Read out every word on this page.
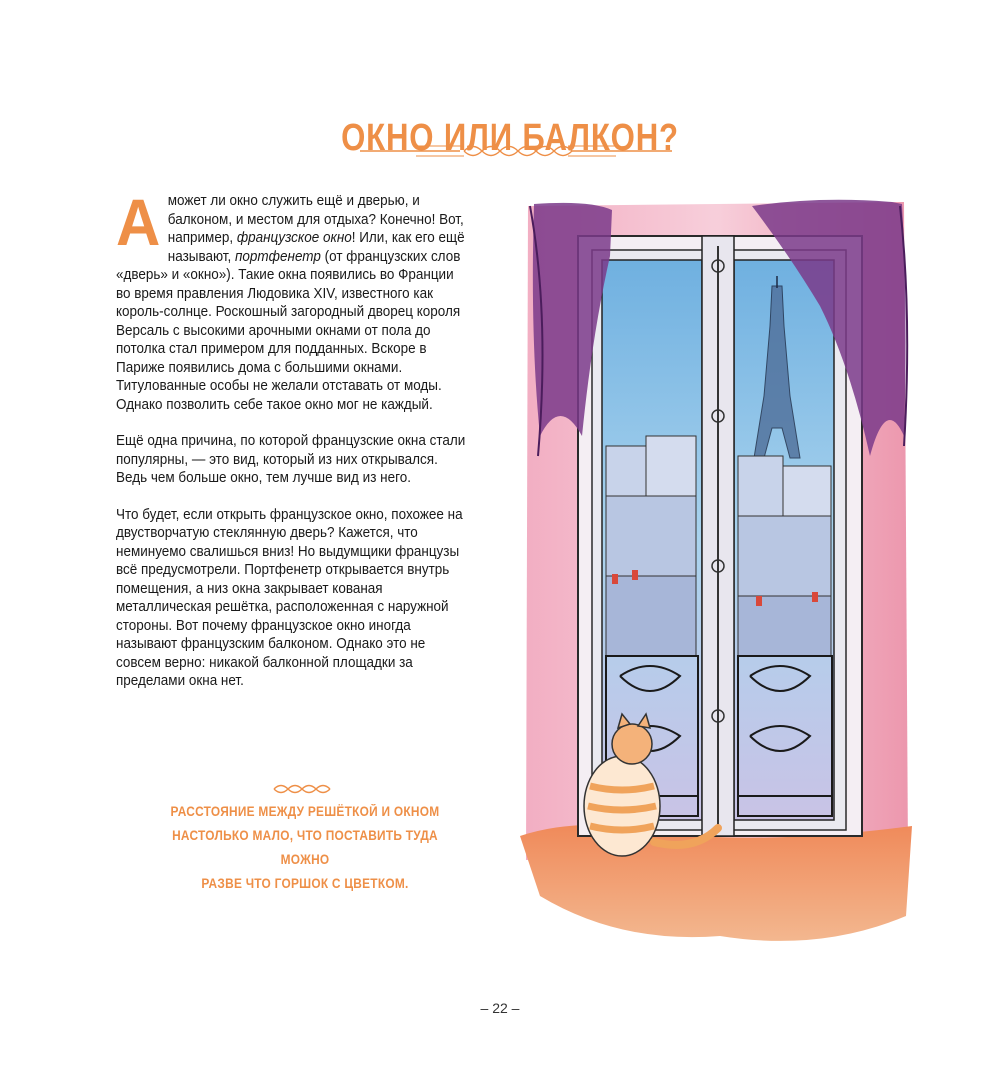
ОКНО ИЛИ БАЛКОН?

А может ли окно служить ещё и дверью, и балконом, и местом для отдыха? Конечно! Вот, например, французское окно! Или, как его ещё называют, портфенетр (от французских слов «дверь» и «окно»). Такие окна появились во Франции во время правления Людовика XIV, известного как король-солнце. Роскошный загородный дворец короля Версаль с высокими арочными окнами от пола до потолка стал примером для подданных. Вскоре в Париже появились дома с большими окнами. Титулованные особы не желали отставать от моды. Однако позволить себе такое окно мог не каждый.

Ещё одна причина, по которой французские окна стали популярны, — это вид, который из них открывался. Ведь чем больше окно, тем лучше вид из него.

Что будет, если открыть французское окно, похожее на двустворчатую стеклянную дверь? Кажется, что неминуемо свалишься вниз! Но выдумщики французы всё предусмотрели. Портфенетр открывается внутрь помещения, а низ окна закрывает кованая металлическая решётка, расположенная с наружной стороны. Вот почему французское окно иногда называют французским балконом. Однако это не совсем верно: никакой балконной площадки за пределами окна нет.

РАССТОЯНИЕ МЕЖДУ РЕШЁТКОЙ И ОКНОМ
НАСТОЛЬКО МАЛО, ЧТО ПОСТАВИТЬ ТУДА МОЖНО
РАЗВЕ ЧТО ГОРШОК С ЦВЕТКОМ.
– 22 –
